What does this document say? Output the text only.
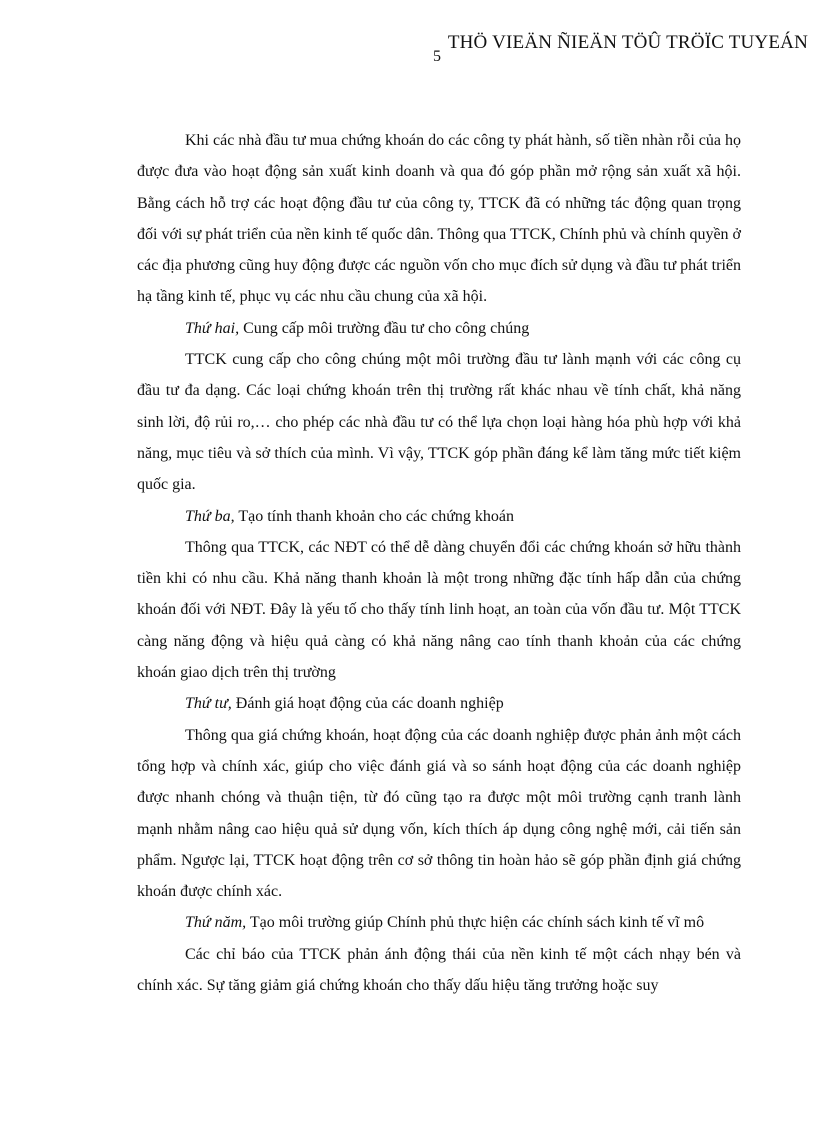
THÖ VIEÄN ÑIEÄN TÖÛ TRÖÏC TUYEÁN
5

Khi các nhà đầu tư mua chứng khoán do các công ty phát hành, số tiền nhàn rỗi của họ được đưa vào hoạt động sản xuất kinh doanh và qua đó góp phần mở rộng sản xuất xã hội. Bằng cách hỗ trợ các hoạt động đầu tư của công ty, TTCK đã có những tác động quan trọng đối với sự phát triển của nền kinh tế quốc dân. Thông qua TTCK, Chính phủ và chính quyền ở các địa phương cũng huy động được các nguồn vốn cho mục đích sử dụng và đầu tư phát triển hạ tầng kinh tế, phục vụ các nhu cầu chung của xã hội.

Thứ hai, Cung cấp môi trường đầu tư cho công chúng

TTCK cung cấp cho công chúng một môi trường đầu tư lành mạnh với các công cụ đầu tư đa dạng. Các loại chứng khoán trên thị trường rất khác nhau về tính chất, khả năng sinh lời, độ rủi ro,… cho phép các nhà đầu tư có thể lựa chọn loại hàng hóa phù hợp với khả năng, mục tiêu và sở thích của mình. Vì vậy, TTCK góp phần đáng kể làm tăng mức tiết kiệm quốc gia.

Thứ ba, Tạo tính thanh khoản cho các chứng khoán

Thông qua TTCK, các NĐT có thể dễ dàng chuyển đổi các chứng khoán sở hữu thành tiền khi có nhu cầu. Khả năng thanh khoản là một trong những đặc tính hấp dẫn của chứng khoán đối với NĐT. Đây là yếu tố cho thấy tính linh hoạt, an toàn của vốn đầu tư. Một TTCK càng năng động và hiệu quả càng có khả năng nâng cao tính thanh khoản của các chứng khoán giao dịch trên thị trường

Thứ tư, Đánh giá hoạt động của các doanh nghiệp

Thông qua giá chứng khoán, hoạt động của các doanh nghiệp được phản ảnh một cách tổng hợp và chính xác, giúp cho việc đánh giá và so sánh hoạt động của các doanh nghiệp được nhanh chóng và thuận tiện, từ đó cũng tạo ra được một môi trường cạnh tranh lành mạnh nhằm nâng cao hiệu quả sử dụng vốn, kích thích áp dụng công nghệ mới, cải tiến sản phẩm. Ngược lại, TTCK hoạt động trên cơ sở thông tin hoàn hảo sẽ góp phần định giá chứng khoán được chính xác.

Thứ năm, Tạo môi trường giúp Chính phủ thực hiện các chính sách kinh tế vĩ mô

Các chỉ báo của TTCK phản ánh động thái của nền kinh tế một cách nhạy bén và chính xác. Sự tăng giảm giá chứng khoán cho thấy dấu hiệu tăng trưởng hoặc suy
